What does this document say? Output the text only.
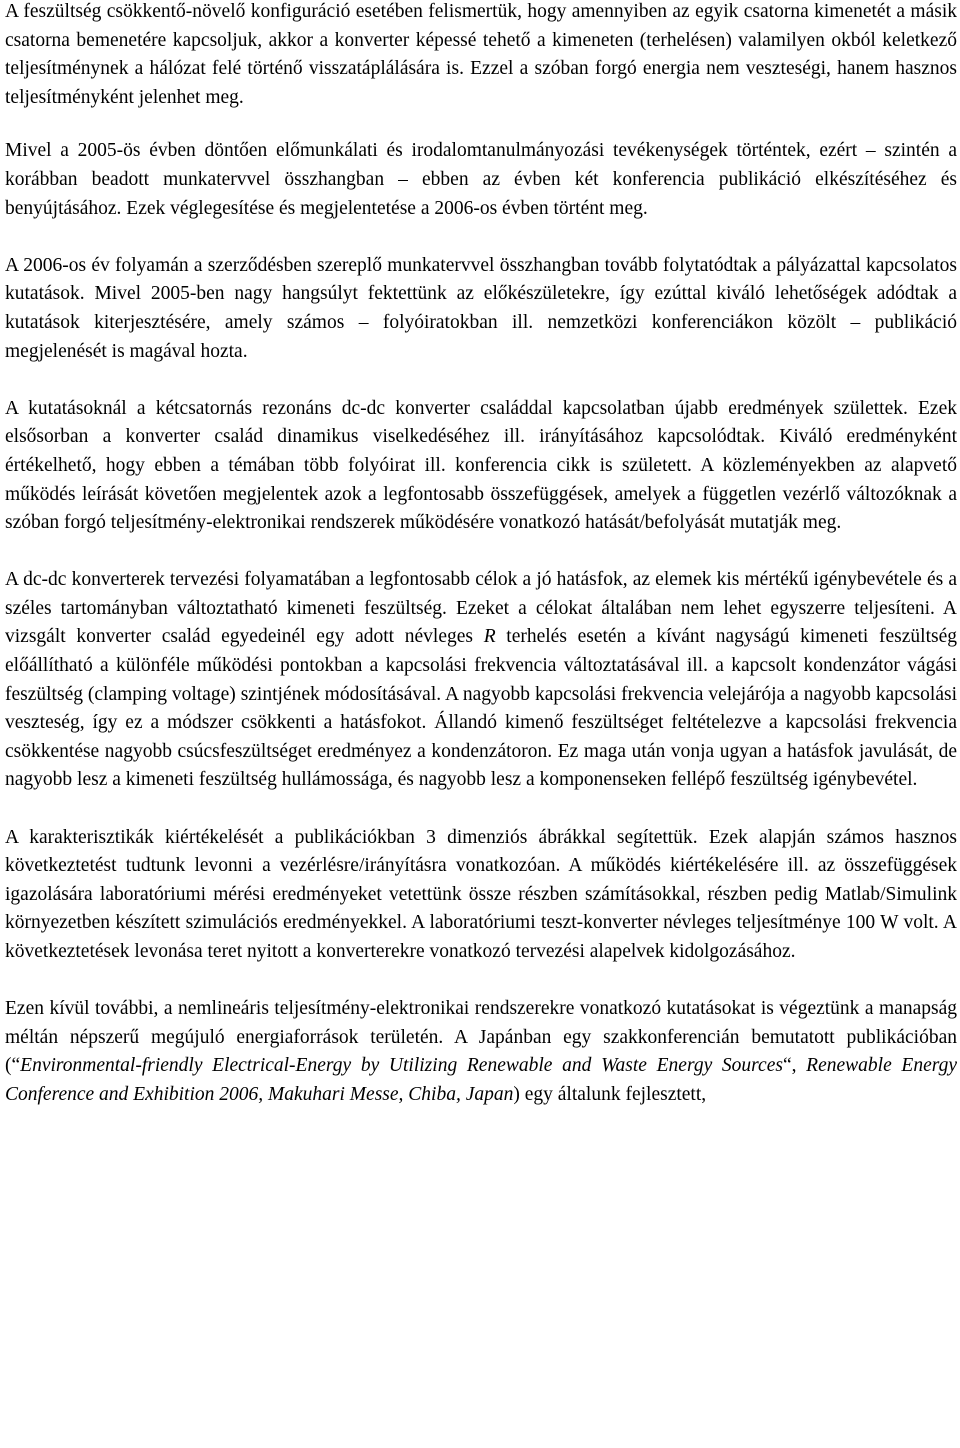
A feszültség csökkentő-növelő konfiguráció esetében felismertük, hogy amennyiben az egyik csatorna kimenetét a másik csatorna bemenetére kapcsoljuk, akkor a konverter képessé tehető a kimeneten (terhelésen) valamilyen okból keletkező teljesítménynek a hálózat felé történő visszatáplálására is. Ezzel a szóban forgó energia nem veszteségi, hanem hasznos teljesítményként jelenhet meg.

Mivel a 2005-ös évben döntően előmunkálati és irodalomtanulmányozási tevékenységek történtek, ezért – szintén a korábban beadott munkatervvel összhangban – ebben az évben két konferencia publikáció elkészítéséhez és benyújtásához. Ezek véglegesítése és megjelentetése a 2006-os évben történt meg.

A 2006-os év folyamán a szerződésben szereplő munkatervvel összhangban tovább folytatódtak a pályázattal kapcsolatos kutatások. Mivel 2005-ben nagy hangsúlyt fektettünk az előkészületekre, így ezúttal kiváló lehetőségek adódtak a kutatások kiterjesztésére, amely számos – folyóiratokban ill. nemzetközi konferenciákon közölt – publikáció megjelenését is magával hozta.

A kutatásoknál a kétcsatornás rezonáns dc-dc konverter családdal kapcsolatban újabb eredmények születtek. Ezek elsősorban a konverter család dinamikus viselkedéséhez ill. irányításához kapcsolódtak. Kiváló eredményként értékelhető, hogy ebben a témában több folyóirat ill. konferencia cikk is született. A közleményekben az alapvető működés leírását követően megjelentek azok a legfontosabb összefüggések, amelyek a független vezérlő változóknak a szóban forgó teljesítmény-elektronikai rendszerek működésére vonatkozó hatását/befolyását mutatják meg.

A dc-dc konverterek tervezési folyamatában a legfontosabb célok a jó hatásfok, az elemek kis mértékű igénybevétele és a széles tartományban változtatható kimeneti feszültség. Ezeket a célokat általában nem lehet egyszerre teljesíteni. A vizsgált konverter család egyedeinél egy adott névleges R terhelés esetén a kívánt nagyságú kimeneti feszültség előállítható a különféle működési pontokban a kapcsolási frekvencia változtatásával ill. a kapcsolt kondenzátor vágási feszültség (clamping voltage) szintjének módosításával. A nagyobb kapcsolási frekvencia velejárója a nagyobb kapcsolási veszteség, így ez a módszer csökkenti a hatásfokot. Állandó kimenő feszültséget feltételezve a kapcsolási frekvencia csökkentése nagyobb csúcsfeszültséget eredményez a kondenzátoron. Ez maga után vonja ugyan a hatásfok javulását, de nagyobb lesz a kimeneti feszültség hullámossága, és nagyobb lesz a komponenseken fellépő feszültség igénybevétel.

A karakterisztikák kiértékelését a publikációkban 3 dimenziós ábrákkal segítettük. Ezek alapján számos hasznos következtetést tudtunk levonni a vezérlésre/irányításra vonatkozóan. A működés kiértékelésére ill. az összefüggések igazolására laboratóriumi mérési eredményeket vetettünk össze részben számításokkal, részben pedig Matlab/Simulink környezetben készített szimulációs eredményekkel. A laboratóriumi teszt-konverter névleges teljesítménye 100 W volt. A következtetések levonása teret nyitott a konverterekre vonatkozó tervezési alapelvek kidolgozásához.

Ezen kívül további, a nemlineáris teljesítmény-elektronikai rendszerekre vonatkozó kutatásokat is végeztünk a manapság méltán népszerű megújuló energiaforrások területén. A Japánban egy szakkonferencián bemutatott publikációban (“Environmental-friendly Electrical-Energy by Utilizing Renewable and Waste Energy Sources“, Renewable Energy Conference and Exhibition 2006, Makuhari Messe, Chiba, Japan) egy általunk fejlesztett,
